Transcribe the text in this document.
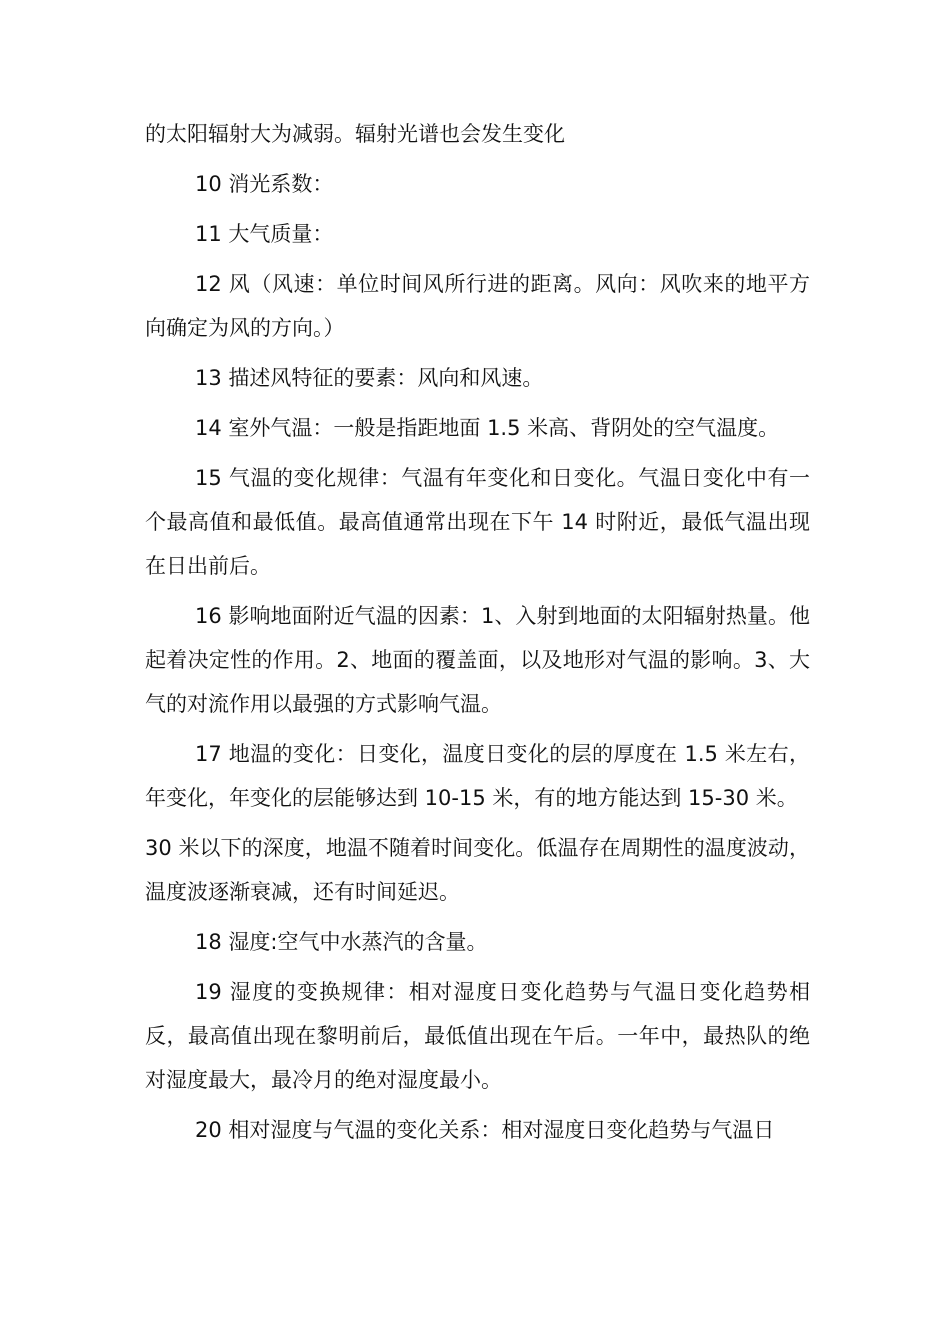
的太阳辐射大为减弱。辐射光谱也会发生变化

10 消光系数：

11 大气质量：

12 风（风速：单位时间风所行进的距离。风向：风吹来的地平方向确定为风的方向。）

13 描述风特征的要素：风向和风速。

14 室外气温：一般是指距地面 1.5 米高、背阴处的空气温度。

15 气温的变化规律：气温有年变化和日变化。气温日变化中有一个最高值和最低值。最高值通常出现在下午 14 时附近，最低气温出现在日出前后。

16 影响地面附近气温的因素：1、入射到地面的太阳辐射热量。他起着决定性的作用。2、地面的覆盖面，以及地形对气温的影响。3、大气的对流作用以最强的方式影响气温。

17 地温的变化：日变化，温度日变化的层的厚度在 1.5 米左右，年变化，年变化的层能够达到 10-15 米，有的地方能达到 15-30 米。

30 米以下的深度，地温不随着时间变化。低温存在周期性的温度波动，温度波逐渐衰减，还有时间延迟。

18 湿度:空气中水蒸汽的含量。

19 湿度的变换规律：相对湿度日变化趋势与气温日变化趋势相反，最高值出现在黎明前后，最低值出现在午后。一年中，最热队的绝对湿度最大，最冷月的绝对湿度最小。

20 相对湿度与气温的变化关系：相对湿度日变化趋势与气温日
